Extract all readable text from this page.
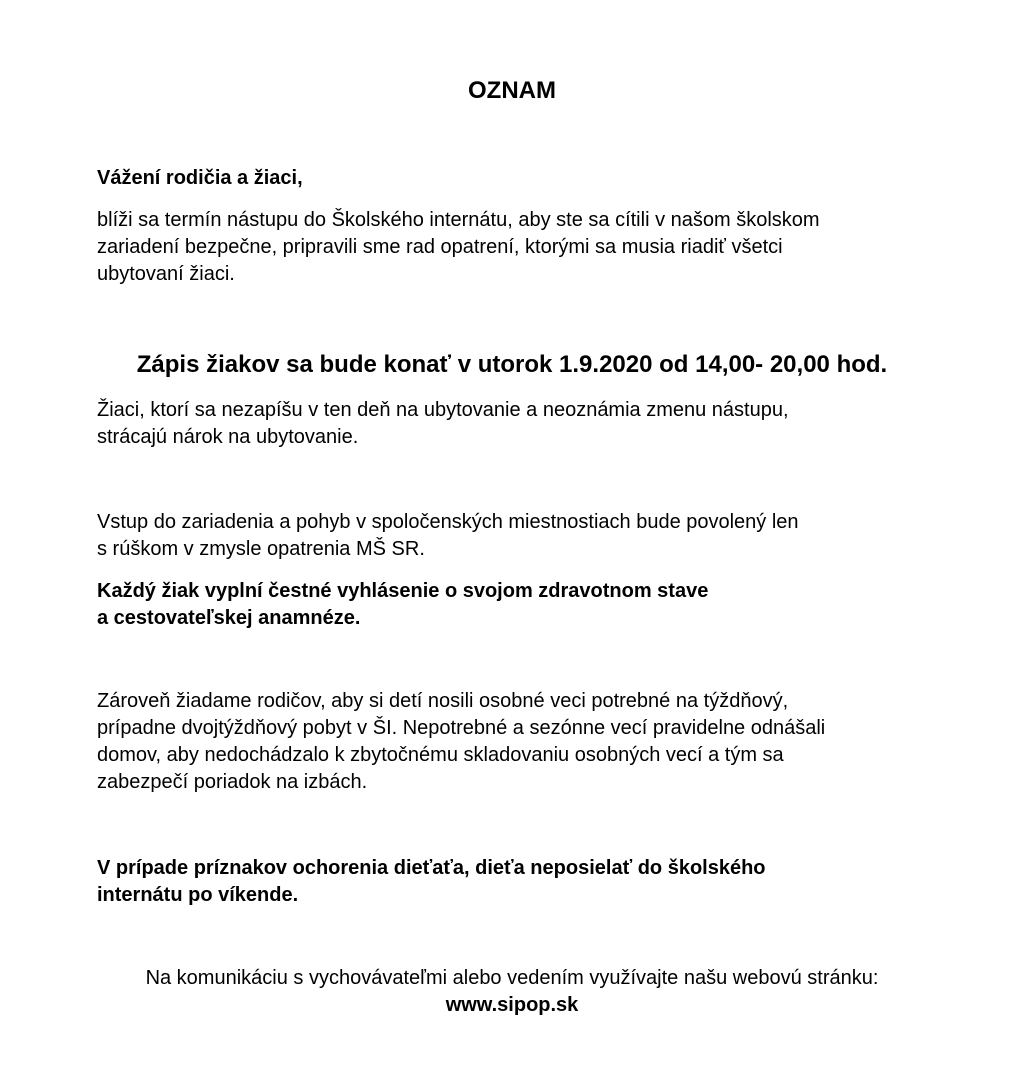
OZNAM

Vážení rodičia a žiaci,

blíži sa termín nástupu do Školského internátu, aby ste sa cítili v našom školskom
zariadení bezpečne, pripravili sme rad opatrení, ktorými sa musia riadiť všetci
ubytovaní žiaci.

Zápis žiakov sa bude konať v utorok 1.9.2020 od 14,00- 20,00 hod.

Žiaci, ktorí sa nezapíšu v ten deň na ubytovanie a neoznámia zmenu nástupu,
strácajú nárok na ubytovanie.

Vstup do zariadenia a pohyb v spoločenských miestnostiach bude povolený len
s rúškom v zmysle opatrenia MŠ SR.

Každý žiak vyplní čestné vyhlásenie o svojom zdravotnom stave
a cestovateľskej anamnéze.

Zároveň žiadame rodičov, aby si detí nosili osobné veci potrebné na týždňový,
prípadne dvojtýždňový pobyt v ŠI. Nepotrebné a sezónne vecí pravidelne odnášali
domov, aby nedochádzalo k zbytočnému skladovaniu osobných vecí a tým sa
zabezpečí poriadok na izbách.

V prípade príznakov ochorenia dieťaťa, dieťa neposielať do školského
internátu po víkende.

Na komunikáciu s vychovávateľmi alebo vedením využívajte našu webovú stránku:
www.sipop.sk
